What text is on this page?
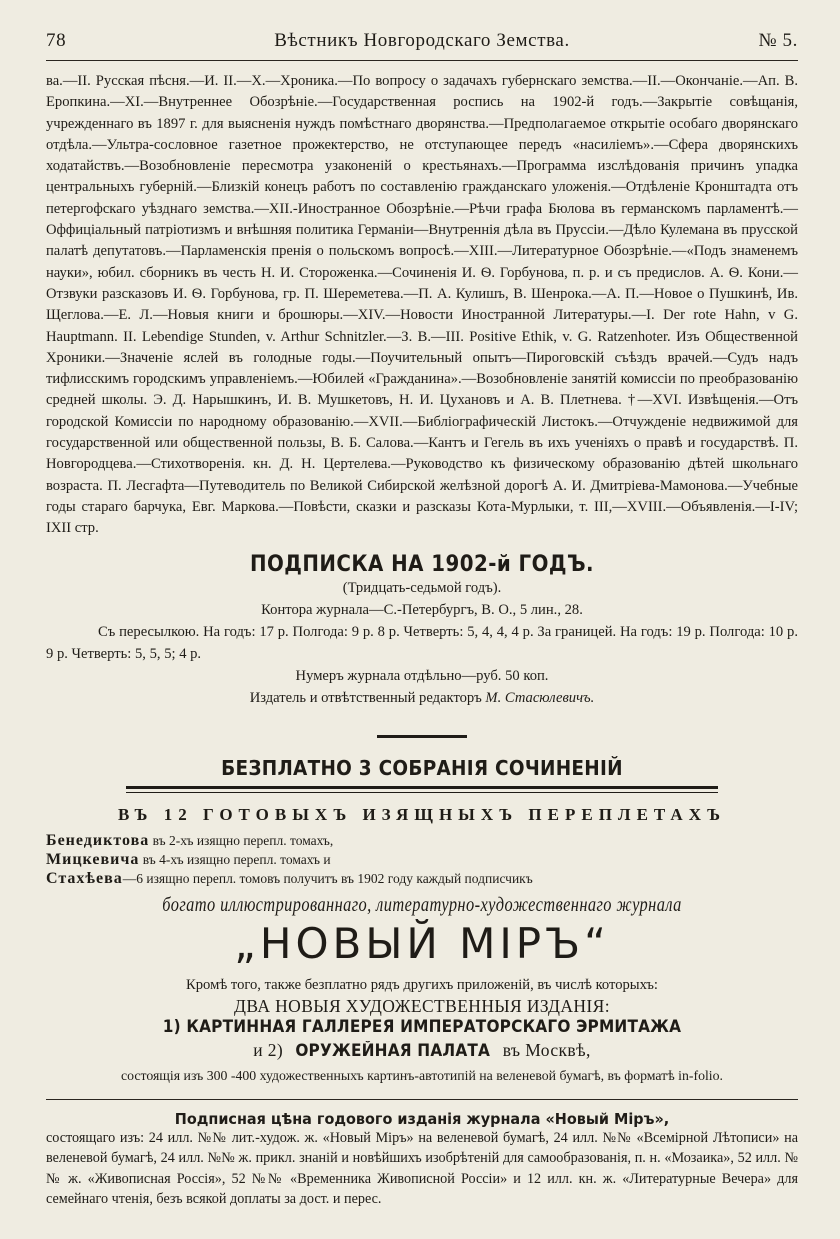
78	Вѣстникъ Новгородскаго Земства.	№ 5.
ва.—II. Русская пѣсня.—И. II.—X.—Хроника.—По вопросу о задачахъ губернскаго земства.—II.—Окончаніе.—Ап. В. Еропкина.—XI.—Внутреннее Обозрѣніе.—Государственная роспись на 1902-й годъ.—Закрытіе совѣщанія, учрежденнаго въ 1897 г. для выясненія нуждъ помѣстнаго дворянства.—Предполагаемое открытіе особаго дворянскаго отдѣла.—Ультра-сословное газетное прожектерство, не отступающее передъ «насиліемъ».—Сфера дворянскихъ ходатайствъ.—Возобновленіе пересмотра узаконеній о крестьянахъ.—Программа изслѣдованія причинъ упадка центральныхъ губерній.—Близкій конецъ работъ по составленію гражданскаго уложенія.—Отдѣленіе Кронштадта отъ петергофскаго уѣзднаго земства.—XII.-Иностранное Обозрѣніе.—Рѣчи графа Бюлова въ германскомъ парламентѣ.—Оффиціальный патріотизмъ и внѣшняя политика Германіи—Внутреннія дѣла въ Пруссіи.—Дѣло Кулемана въ прусской палатѣ депутатовъ.—Парламенскія пренія о польскомъ вопросѣ.—XIII.—Литературное Обозрѣніе.—«Подъ знаменемъ науки», юбил. сборникъ въ честь Н. И. Стороженка.—Сочиненія И. Ѳ. Горбунова, п. р. и съ предислов. А. Ѳ. Кони.—Отзвуки разсказовъ И. Ѳ. Горбунова, гр. П. Шереметева.—П. А. Кулишъ, В. Шенрока.—А. П.—Новое о Пушкинѣ, Ив. Щеглова.—Е. Л.—Новыя книги и брошюры.—XIV.—Новости Иностранной Литературы.—I. Der rote Hahn, v G. Hauptmann. II. Lebendige Stunden, v. Arthur Schnitzler.—З. В.—III. Positive Ethik, v. G. Ratzenhoter. Изъ Общественной Хроники.—Значеніе яслей въ голодные годы.—Поучительный опытъ—Пироговскій съѣздъ врачей.—Судъ надъ тифлисскимъ городскимъ управленіемъ.—Юбилей «Гражданина».—Возобновленіе занятій комиссіи по преобразованію средней школы. Э. Д. Нарышкинъ, И. В. Мушкетовъ, Н. И. Цухановъ и А. В. Плетнева. †—XVI. Извѣщенія.—Отъ городской Комиссіи по народному образованію.—XVII.—Библіографическій Листокъ.—Отчужденіе недвижимой для государственной или общественной пользы, В. Б. Салова.—Кантъ и Гегель въ ихъ ученіяхъ о правѣ и государствѣ. П. Новгородцева.—Стихотворенія. кн. Д. Н. Цертелева.—Руководство къ физическому образованію дѣтей школьнаго возраста. П. Лесгафта—Путеводитель по Великой Сибирской желѣзной дорогѣ А. И. Дмитріева-Мамонова.—Учебные годы стараго барчука, Евг. Маркова.—Повѣсти, сказки и разсказы Кота-Мурлыки, т. III,—XVIII.—Объявленія.—I-IV; IXII стр.
ПОДПИСКА НА 1902-й ГОДЪ.
(Тридцать-седьмой годъ).
Контора журнала—С.-Петербургъ, В. О., 5 лин., 28.
Съ пересылкою. На годъ: 17 р. Полгода: 9 р. 8 р. Четверть: 5, 4, 4, 4 р. За границей. На годъ: 19 р. Полгода: 10 р. 9 р. Четверть: 5, 5, 5; 4 р.
Нумеръ журнала отдѣльно—руб. 50 коп.
Издатель и отвѣтственный редакторъ М. Стасюлевичъ.
БЕЗПЛАТНО 3 СОБРАНІЯ СОЧИНЕНІЙ
ВЪ 12 ГОТОВЫХЪ ИЗЯЩНЫХЪ ПЕРЕПЛЕТАХЪ
Бенедиктова въ 2-хъ изящно перепл. томахъ,
Мицкевича въ 4-хъ изящно перепл. томахъ и
Стахѣева—6 изящно перепл. томовъ получитъ въ 1902 году каждый подписчикъ
богато иллюстрированнаго, литературно-художественнаго журнала
„НОВЫЙ МІРЪ“
Кромѣ того, также безплатно рядъ другихъ приложеній, въ числѣ которыхъ:
ДВА НОВЫЯ ХУДОЖЕСТВЕННЫЯ ИЗДАНІЯ:
1) КАРТИННАЯ ГАЛЛЕРЕЯ ИМПЕРАТОРСКАГО ЭРМИТАЖА
и 2) ОРУЖЕЙНАЯ ПАЛАТА въ Москвѣ,
состоящія изъ 300 -400 художественныхъ картинъ-автотипій на веленевой бумагѣ, въ форматѣ in-folio.
Подписная цѣна годового изданія журнала «Новый Міръ»,
состоящаго изъ: 24 илл. №№ лит.-худож. ж. «Новый Міръ» на веленевой бумагѣ, 24 илл. №№ «Всемірной Лѣтописи» на веленевой бумагѣ, 24 илл. №№ ж. прикл. знаній и новѣйшихъ изобрѣтеній для самообразованія, п. н. «Мозаика», 52 илл. №№ ж. «Живописная Россія», 52 №№ «Временника Живописной Россіи» и 12 илл. кн. ж. «Литературные Вечера» для семейнаго чтенія, безъ всякой доплаты за дост. и перес.
